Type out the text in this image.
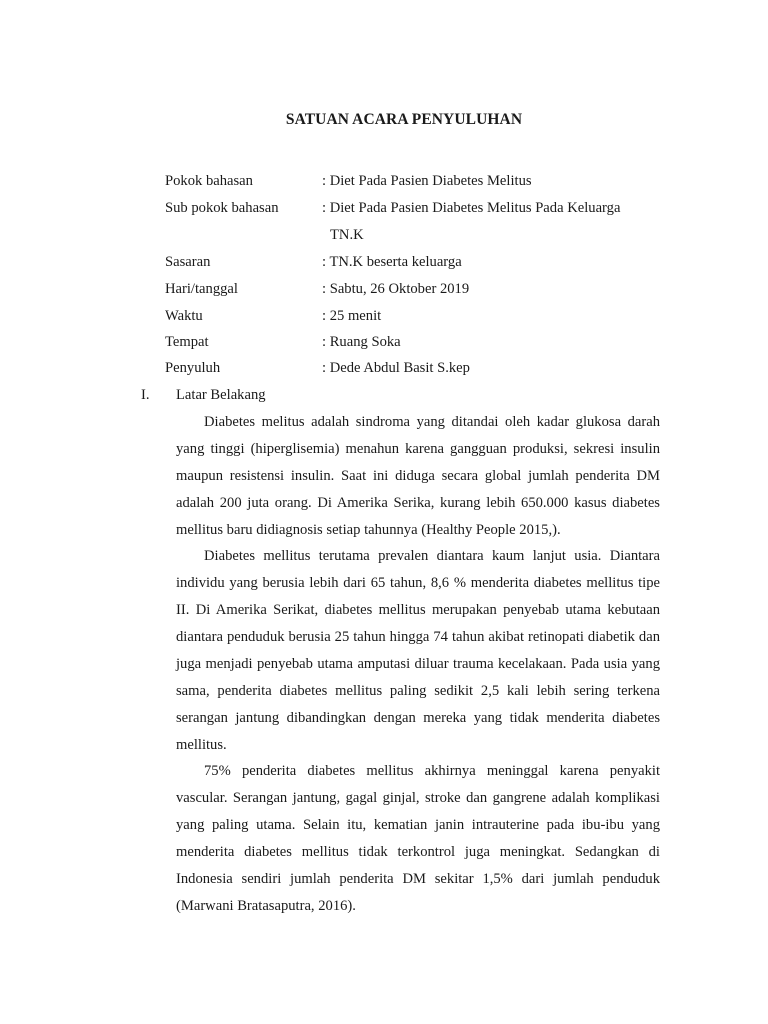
SATUAN ACARA PENYULUHAN
Pokok bahasan	: Diet Pada Pasien Diabetes Melitus
Sub pokok bahasan	: Diet Pada Pasien Diabetes Melitus Pada Keluarga
TN.K
Sasaran	: TN.K beserta keluarga
Hari/tanggal	: Sabtu, 26 Oktober 2019
Waktu	: 25 menit
Tempat	: Ruang Soka
Penyuluh	: Dede Abdul Basit S.kep
I. Latar Belakang

Diabetes melitus adalah sindroma yang ditandai oleh kadar glukosa darah yang tinggi (hiperglisemia) menahun karena gangguan produksi, sekresi insulin maupun resistensi insulin. Saat ini diduga secara global jumlah penderita DM adalah 200 juta orang. Di Amerika Serika, kurang lebih 650.000 kasus diabetes mellitus baru didiagnosis setiap tahunnya (Healthy People 2015,).

Diabetes mellitus terutama prevalen diantara kaum lanjut usia. Diantara individu yang berusia lebih dari 65 tahun, 8,6 % menderita diabetes mellitus tipe II. Di Amerika Serikat, diabetes mellitus merupakan penyebab utama kebutaan diantara penduduk berusia 25 tahun hingga 74 tahun akibat retinopati diabetik dan juga menjadi penyebab utama amputasi diluar trauma kecelakaan. Pada usia yang sama, penderita diabetes mellitus paling sedikit 2,5 kali lebih sering terkena serangan jantung dibandingkan dengan mereka yang tidak menderita diabetes mellitus.

75% penderita diabetes mellitus akhirnya meninggal karena penyakit vascular. Serangan jantung, gagal ginjal, stroke dan gangrene adalah komplikasi yang paling utama. Selain itu, kematian janin intrauterine pada ibu-ibu yang menderita diabetes mellitus tidak terkontrol juga meningkat. Sedangkan di Indonesia sendiri jumlah penderita DM sekitar 1,5% dari jumlah penduduk (Marwani Bratasaputra, 2016).
